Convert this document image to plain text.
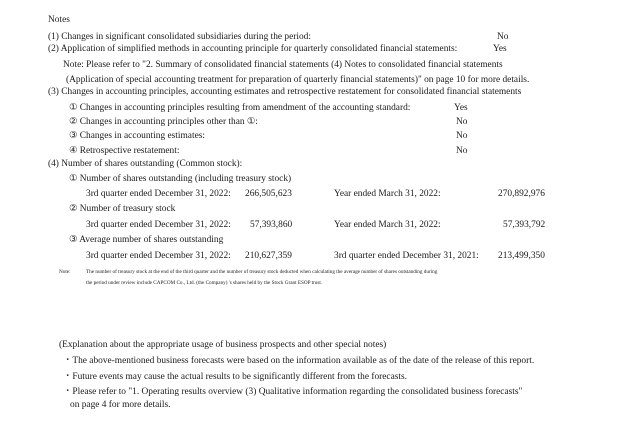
Notes
(1) Changes in significant consolidated subsidiaries during the period:	No
(2) Application of simplified methods in accounting principle for quarterly consolidated financial statements:	Yes
Note: Please refer to "2. Summary of consolidated financial statements (4) Notes to consolidated financial statements
(Application of special accounting treatment for preparation of quarterly financial statements)" on page 10 for more details.
(3) Changes in accounting principles, accounting estimates and retrospective restatement for consolidated financial statements
① Changes in accounting principles resulting from amendment of the accounting standard:	Yes
② Changes in accounting principles other than ①:	No
③ Changes in accounting estimates:	No
④ Retrospective restatement:	No
(4) Number of shares outstanding (Common stock):
① Number of shares outstanding (including treasury stock)
3rd quarter ended December 31, 2022: 266,505,623	Year ended March 31, 2022:	270,892,976
② Number of treasury stock
3rd quarter ended December 31, 2022: 57,393,860	Year ended March 31, 2022:	57,393,792
③ Average number of shares outstanding
3rd quarter ended December 31, 2022: 210,627,359	3rd quarter ended December 31, 2021: 213,499,350
Note:	The number of treasury stock at the end of the third quarter and the number of treasury stock deducted when calculating the average number of shares outstanding during
the period under review include CAPCOM Co., Ltd. (the Company) 's shares held by the Stock Grant ESOP trust.
(Explanation about the appropriate usage of business prospects and other special notes)
・The above-mentioned business forecasts were based on the information available as of the date of the release of this report.
・Future events may cause the actual results to be significantly different from the forecasts.
・Please refer to "1. Operating results overview (3) Qualitative information regarding the consolidated business forecasts"
on page 4 for more details.
